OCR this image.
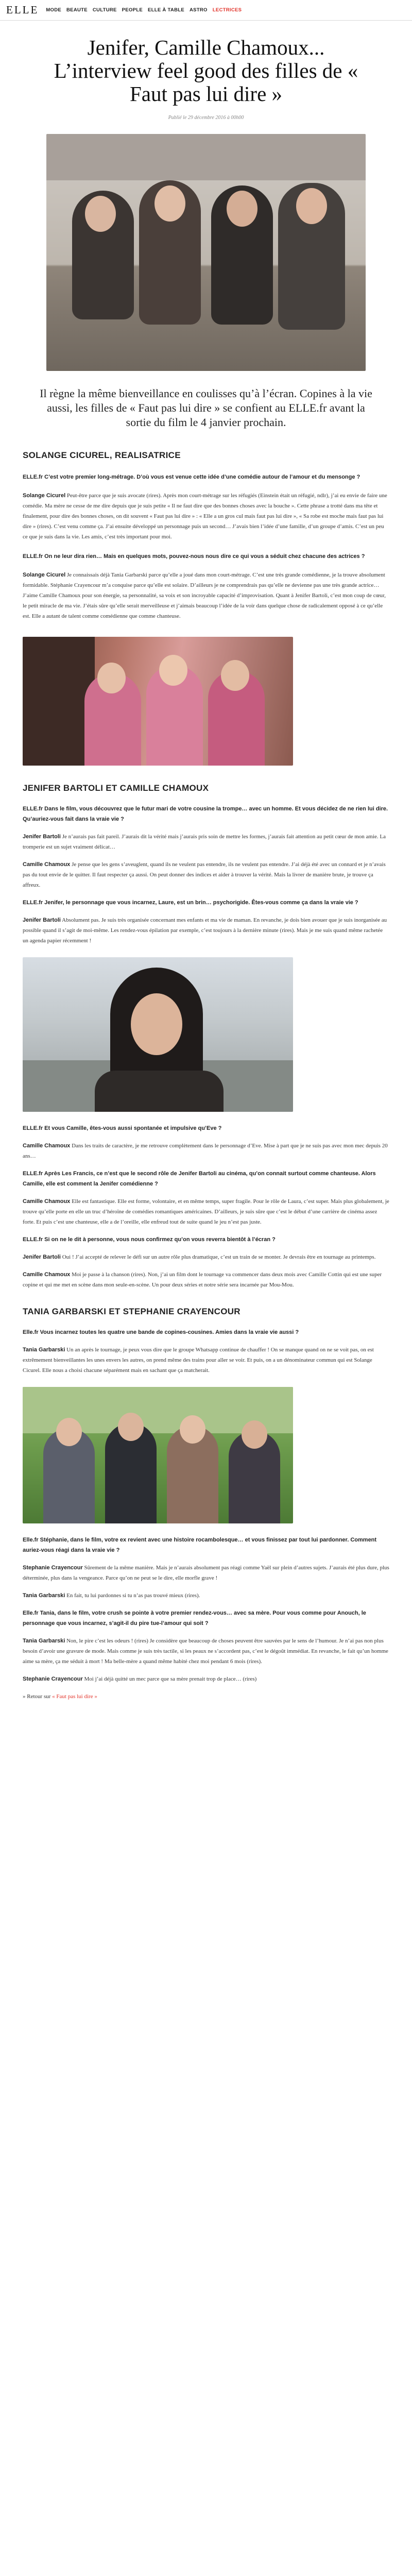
ELLE MODE BEAUTE CULTURE PEOPLE ELLE À TABLE ASTRO LECTRICES
Jenifer, Camille Chamoux... L’interview feel good des filles de « Faut pas lui dire »
Publié le 29 décembre 2016 à 00h00

Il règne la même bienveillance en coulisses qu’à l’écran. Copines à la vie aussi, les filles de « Faut pas lui dire » se confient au ELLE.fr avant la sortie du film le 4 janvier prochain.

SOLANGE CICUREL, REALISATRICE

ELLE.fr C’est votre premier long-métrage. D’où vous est venue cette idée d’une comédie autour de l’amour et du mensonge ?

Solange Cicurel Peut-être parce que je suis avocate (rires). Après mon court-métrage sur les réfugiés (Einstein était un réfugié, ndlr), j’ai eu envie de faire une comédie. Ma mère ne cesse de me dire depuis que je suis petite « Il ne faut dire que des bonnes choses avec la bouche ». Cette phrase a trotté dans ma tête et finalement, pour dire des bonnes choses, on dit souvent « Faut pas lui dire » : « Elle a un gros cul mais faut pas lui dire », « Sa robe est moche mais faut pas lui dire » (rires). C’est venu comme ça. J’ai ensuite développé un personnage puis un second… J’avais bien l’idée d’une famille, d’un groupe d’amis. C’est un peu ce que je suis dans la vie. Les amis, c’est très important pour moi.

ELLE.fr On ne leur dira rien… Mais en quelques mots, pouvez-nous nous dire ce qui vous a séduit chez chacune des actrices ?

Solange Cicurel Je connaissais déjà Tania Garbarski parce qu’elle a joué dans mon court-métrage. C’est une très grande comédienne, je la trouve absolument formidable. Stéphanie Crayencour m’a conquise parce qu’elle est solaire. D’ailleurs je ne comprendrais pas qu’elle ne devienne pas une très grande actrice… J’aime Camille Chamoux pour son énergie, sa personnalité, sa voix et son incroyable capacité d’improvisation. Quant à Jenifer Bartoli, c’est mon coup de cœur, le petit miracle de ma vie. J’étais sûre qu’elle serait merveilleuse et j’aimais beaucoup l’idée de la voir dans quelque chose de radicalement opposé à ce qu’elle est. Elle a autant de talent comme comédienne que comme chanteuse.

JENIFER BARTOLI ET CAMILLE CHAMOUX

ELLE.fr Dans le film, vous découvrez que le futur mari de votre cousine la trompe… avec un homme. Et vous décidez de ne rien lui dire. Qu’auriez-vous fait dans la vraie vie ?

Jenifer Bartoli Je n’aurais pas fait pareil. J’aurais dit la vérité mais j’aurais pris soin de mettre les formes, j’aurais fait attention au petit cœur de mon amie. La tromperie est un sujet vraiment délicat…

Camille Chamoux Je pense que les gens s’aveuglent, quand ils ne veulent pas entendre, ils ne veulent pas entendre. J’ai déjà été avec un connard et je n’avais pas du tout envie de le quitter. Il faut respecter ça aussi. On peut donner des indices et aider à trouver la vérité. Mais la livrer de manière brute, je trouve ça affreux.

ELLE.fr Jenifer, le personnage que vous incarnez, Laure, est un brin… psychorigide. Êtes-vous comme ça dans la vraie vie ?

Jenifer Bartoli Absolument pas. Je suis très organisée concernant mes enfants et ma vie de maman. En revanche, je dois bien avouer que je suis inorganisée au possible quand il s’agit de moi-même. Les rendez-vous épilation par exemple, c’est toujours à la dernière minute (rires). Mais je me suis quand même rachetée un agenda papier récemment !

ELLE.fr Et vous Camille, êtes-vous aussi spontanée et impulsive qu’Eve ?

Camille Chamoux Dans les traits de caractère, je me retrouve complètement dans le personnage d’Eve. Mise à part que je ne suis pas avec mon mec depuis 20 ans…

ELLE.fr Après Les Francis, ce n’est que le second rôle de Jenifer Bartoli au cinéma, qu’on connait surtout comme chanteuse. Alors Camille, elle est comment la Jenifer comédienne ?

Camille Chamoux Elle est fantastique. Elle est forme, volontaire, et en même temps, super fragile. Pour le rôle de Laura, c’est super. Mais plus globalement, je trouve qu’elle porte en elle un truc d’héroïne de comédies romantiques américaines. D’ailleurs, je suis sûre que c’est le début d’une carrière de cinéma assez forte. Et puis c’est une chanteuse, elle a de l’oreille, elle enfreud tout de suite quand le jeu n’est pas juste.

ELLE.fr Si on ne le dit à personne, vous nous confirmez qu’on vous reverra bientôt à l’écran ?

Jenifer Bartoli Oui ! J’ai accepté de relever le défi sur un autre rôle plus dramatique, c’est un train de se monter. Je devrais être en tournage au printemps.

Camille Chamoux Moi je passe à la chanson (rires). Non, j’ai un film dont le tournage va commencer dans deux mois avec Camille Cottin qui est une super copine et qui me met en scène dans mon seule-en-scène. Un pour deux séries et notre série sera incarnée par Mou-Mou.

TANIA GARBARSKI ET STEPHANIE CRAYENCOUR

Elle.fr Vous incarnez toutes les quatre une bande de copines-cousines. Amies dans la vraie vie aussi ?

Tania Garbarski Un an après le tournage, je peux vous dire que le groupe Whatsapp continue de chauffer ! On se manque quand on ne se voit pas, on est extrêmement bienveillantes les unes envers les autres, on prend même des trains pour aller se voir. Et puis, on a un dénominateur commun qui est Solange Cicurel. Elle nous a choisi chacune séparément mais en sachant que ça matcherait.

Elle.fr Stéphanie, dans le film, votre ex revient avec une histoire rocambolesque… et vous finissez par tout lui pardonner. Comment auriez-vous réagi dans la vraie vie ?

Stephanie Crayencour Sûrement de la même manière. Mais je n’aurais absolument pas réagi comme Yaël sur plein d’autres sujets. J’aurais été plus dure, plus déterminée, plus dans la vengeance. Parce qu’on ne peut se le dire, elle morfle grave !

Tania Garbarski En fait, tu lui pardonnes si tu n’as pas trouvé mieux (rires).

Elle.fr Tania, dans le film, votre crush se pointe à votre premier rendez-vous… avec sa mère. Pour vous comme pour Anouch, le personnage que vous incarnez, s’agit-il du pire tue-l’amour qui soit ?

Tania Garbarski Non, le pire c’est les odeurs ! (rires) Je considère que beaucoup de choses peuvent être sauvées par le sens de l’humour. Je n’ai pas non plus besoin d’avoir une gravure de mode. Mais comme je suis très tactile, si les peaux ne s’accordent pas, c’est le dégoût immédiat. En revanche, le fait qu’un homme aime sa mère, ça me séduit à mort ! Ma belle-mère a quand même habité chez moi pendant 6 mois (rires).

Stephanie Crayencour Moi j’ai déjà quitté un mec parce que sa mère prenait trop de place… (rires)

» Retour sur « Faut pas lui dire »
